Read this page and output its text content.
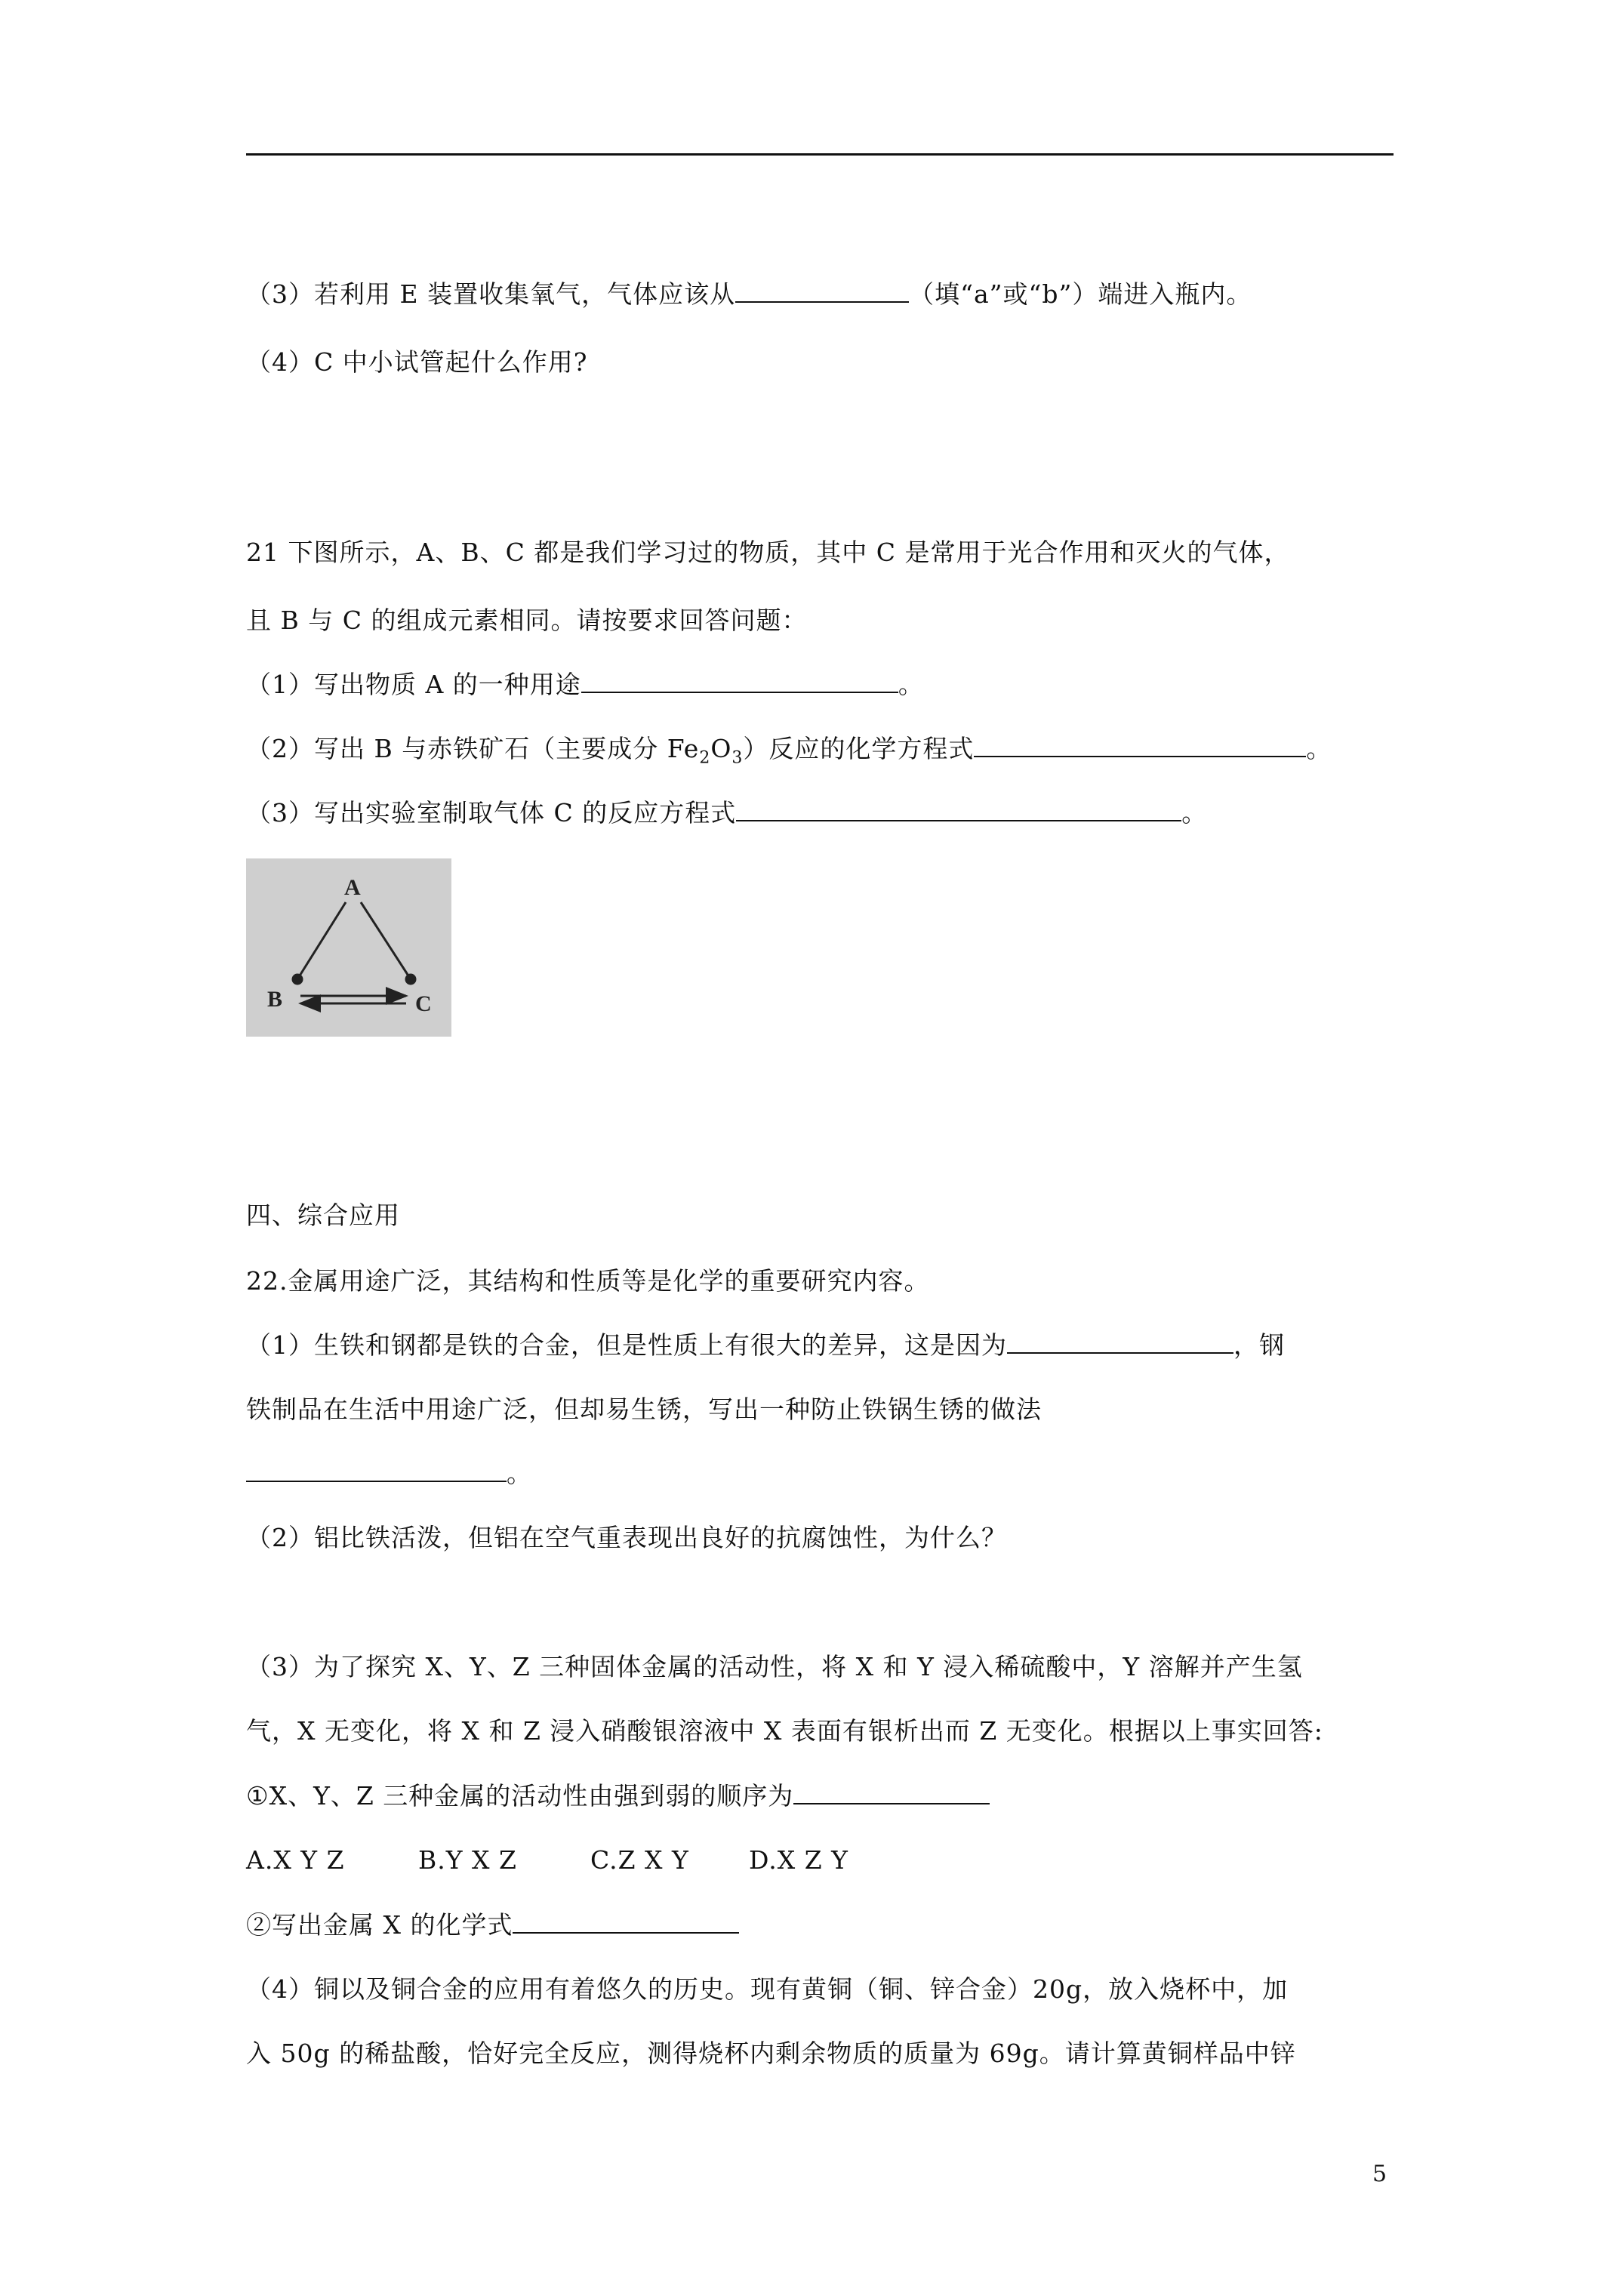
（3）若利用 E 装置收集氧气，气体应该从	（填“a”或“b”）端进入瓶内。
（4）C 中小试管起什么作用?
21 下图所示，A、B、C 都是我们学习过的物质，其中 C 是常用于光合作用和灭火的气体，
且 B 与 C 的组成元素相同。请按要求回答问题：
（1）写出物质 A 的一种用途	。
（2）写出 B 与赤铁矿石（主要成分 $Fe_2O_3$）反应的化学方程式	。
（3）写出实验室制取气体 C 的反应方程式	。
A
B	C
四、综合应用
22.金属用途广泛，其结构和性质等是化学的重要研究内容。
（1）生铁和钢都是铁的合金，但是性质上有很大的差异，这是因为	，钢
铁制品在生活中用途广泛，但却易生锈，写出一种防止铁锅生锈的做法
。
（2）铝比铁活泼，但铝在空气重表现出良好的抗腐蚀性，为什么？
（3）为了探究 X、Y、Z 三种固体金属的活动性，将 X 和 Y 浸入稀硫酸中，Y 溶解并产生氢
气，X 无变化，将 X 和 Z 浸入硝酸银溶液中 X 表面有银析出而 Z 无变化。根据以上事实回答:
①X、Y、Z 三种金属的活动性由强到弱的顺序为
A.X Y Z	B.Y X Z	C.Z X Y D.X Z Y
②写出金属 X 的化学式
（4）铜以及铜合金的应用有着悠久的历史。现有黄铜（铜、锌合金）20g，放入烧杯中，加
入 50g 的稀盐酸，恰好完全反应，测得烧杯内剩余物质的质量为 69g。请计算黄铜样品中锌
5
